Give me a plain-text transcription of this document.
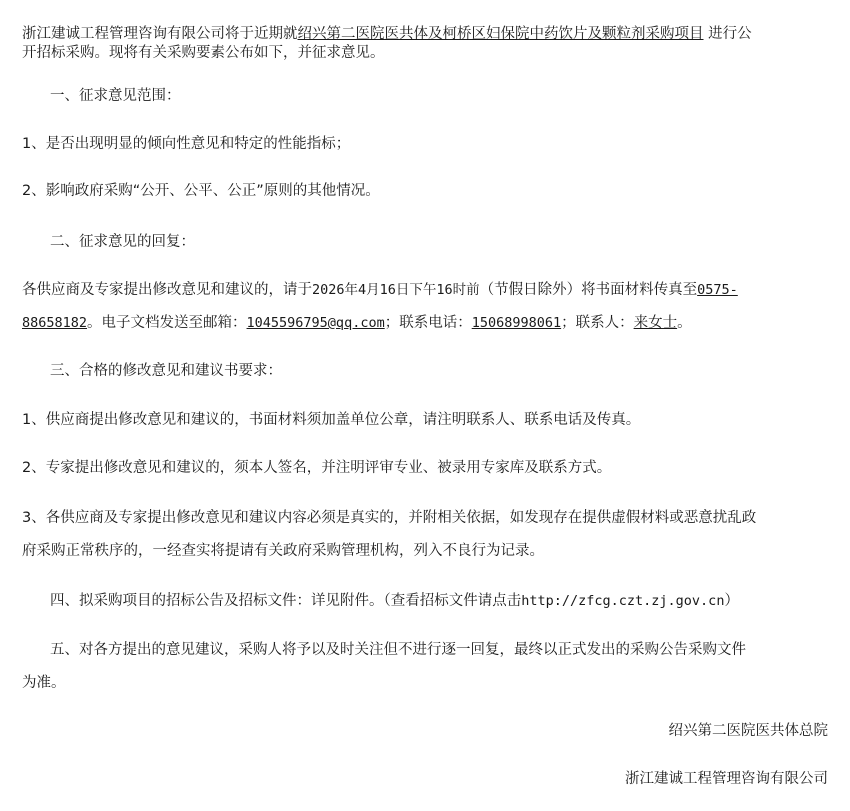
浙江建诚工程管理咨询有限公司将于近期就绍兴第二医院医共体及柯桥区妇保院中药饮片及颗粒剂采购项目 进行公
开招标采购。现将有关采购要素公布如下，并征求意见。
一、征求意见范围：
1、是否出现明显的倾向性意见和特定的性能指标；
2、影响政府采购“公开、公平、公正”原则的其他情况。
二、征求意见的回复：
各供应商及专家提出修改意见和建议的，请于2026年4月16日下午16时前（节假日除外）将书面材料传真至0575-
88658182。电子文档发送至邮箱：1045596795@qq.com；联系电话：15068998061；联系人：来女士。
三、合格的修改意见和建议书要求：
1、供应商提出修改意见和建议的，书面材料须加盖单位公章，请注明联系人、联系电话及传真。
2、专家提出修改意见和建议的，须本人签名，并注明评审专业、被录用专家库及联系方式。
3、各供应商及专家提出修改意见和建议内容必须是真实的，并附相关依据，如发现存在提供虚假材料或恶意扰乱政
府采购正常秩序的，一经查实将提请有关政府采购管理机构，列入不良行为记录。
四、拟采购项目的招标公告及招标文件：详见附件。（查看招标文件请点击http://zfcg.czt.zj.gov.cn）
五、对各方提出的意见建议，采购人将予以及时关注但不进行逐一回复，最终以正式发出的采购公告采购文件
为准。
绍兴第二医院医共体总院
浙江建诚工程管理咨询有限公司
